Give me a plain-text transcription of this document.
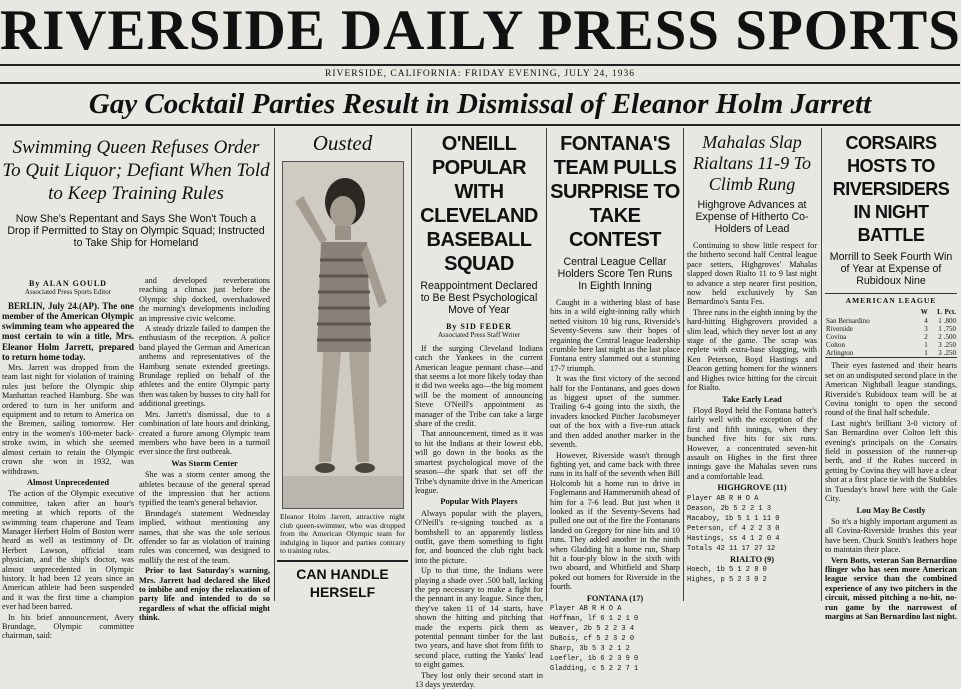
RIVERSIDE DAILY PRESS SPORTS
RIVERSIDE, CALIFORNIA: FRIDAY EVENING, JULY 24, 1936
Gay Cocktail Parties Result in Dismissal of Eleanor Holm Jarrett
Swimming Queen Refuses Order To Quit Liquor; Defiant When Told to Keep Training Rules
Now She's Repentant and Says She Won't Touch a Drop if Permitted to Stay on Olympic Squad; Instructed to Take Ship for Homeland
By ALAN GOULD
Associated Press Sports Editor

BERLIN, July 24.(AP). The one member of the American Olympic swimming team who appeared the most certain to win a title, Mrs. Eleanor Holm Jarrett, prepared to return home today.

Mrs. Jarrett was dropped from the team last night for violation of training rules just before the Olympic ship Manhattan reached Hamburg. She was ordered to turn in her uniform and equipment and to return to America on the Bremen, sailing tomorrow. Her entry in the women's 100-meter back-stroke swim, in which she seemed almost certain to retain the Olympic crown she won in 1932, was withdrawn.

Almost Unprecedented

The action of the Olympic executive committee, taken after an hour's meeting at which reports of the swimming team chaperone and Team Manager Herbert Holm of Boston were heard as well as testimony of Dr. Herbert Lawson, official team physician, and the ship's doctor, was almost unprecedented in Olympic history. It had been 12 years since an American athlete had been suspended and it was the first time a champion ever had been barred.

In his brief announcement, Avery Brundage, Olympic committee chairman, said:

and developed reverberations reaching a climax just before the Olympic ship docked, overshadowed the morning's developments including an impressive civic welcome.

A steady drizzle failed to dampen the enthusiasm of the reception. A police band played the German and American anthems and representatives of the Hamburg senate extended greetings. Brundage replied on behalf of the athletes and the entire Olympic party then was taken by busses to city hall for additional greetings.

Mrs. Jarrett's dismissal, due to a combination of late hours and drinking, created a furore among Olympic team members who have been in a turmoil ever since the first outbreak.

Was Storm Center

She was a storm center among the athletes because of the general spread of the impression that her actions typified the team's general behavior.

Brundage's statement Wednesday implied, without mentioning any names, that she was the sole serious offender so far as violation of training rules was concerned, was designed to mollify the rest of the team.

Prior to last Saturday's warning, Mrs. Jarrett had declared she liked to imbibe and enjoy the relaxation of party life and intended to do so regardless of what the official might think.

Ousted
Eleanor Holm Jarrett, attractive night club queen-swimmer, who was dropped from the American Olympic team for indulging in liquor and parties contrary to training rules.
CAN HANDLE HERSELF
O'NEILL POPULAR WITH CLEVELAND BASEBALL SQUAD
Reappointment Declared to Be Best Psychological Move of Year
By SID FEDER
Associated Press Staff Writer

If the surging Cleveland Indians catch the Yankees in the current American league pennant chase—and that seems a lot more likely today than it did two weeks ago—the big moment will be the moment of announcing Steve O'Neill's appointment as manager of the Tribe can take a large share of the credit.

That announcement, timed as it was to hit the Indians at their lowest ebb, will go down in the books as the smartest psychological move of the season—the spark that set off the Tribe's dynamite drive in the American league.

Popular With Players

Always popular with the players, O'Neill's re-signing touched as a bombshell to an apparently listless outfit, gave them something to fight for, and bounced the club right back into the picture.

Up to that time, the Indians were playing a shade over .500 ball, lacking the pep necessary to make a fight for the pennant in any league. Since then, they've taken 11 of 14 starts, have shown the hitting and pitching that made the experts pick them as potential pennant timber for the last two years, and have shot from fifth to second place, cutting the Yanks' lead to eight games.

They lost only their second start in 13 days yesterday.

FONTANA'S TEAM PULLS SURPRISE TO TAKE CONTEST
Central League Cellar Holders Score Ten Runs In Eighth Inning

Caught in a withering blast of base hits in a wild eight-inning rally which netted visitors 10 big runs, Riverside's Seventy-Sevens saw their hopes of regaining the Central league leadership crumble here last night as the last place Fontana entry slammed out a stunning 17-7 triumph.

It was the first victory of the second half for the Fontanans, and goes down as biggest upset of the summer. Trailing 6-4 going into the sixth, the invaders knocked Pitcher Jacobsmeyer out of the box with a five-run attack and then added another marker in the seventh.

However, Riverside wasn't through fighting yet, and came back with three runs in its half of the seventh when Bill Holcomb hit a home run to drive in Foglemann and Hammersmith ahead of him for a 7-6 lead. But just when it looked as if the Seventy-Sevens had pulled one out of the fire the Fontanans landed on Gregory for nine hits and 10 runs. They added another in the ninth when Gladding hit a home run, Sharp hit a four-ply blow in the sixth with two aboard, and Whitfield and Sharp poked out homers for Riverside in the fourth.

FONTANA (17)
Player AB R H O A
Hoffman, lf 6 1 2 1 0
Weaver, 2b 5 2 2 3 4
DuBois, cf 5 2 3 2 0
Sharp, 3b 5 3 2 1 2
Loefler, 1b 6 2 3 9 0
Gladding, c 5 2 2 7 1
Mahalas Slap Rialtans 11-9 To Climb Rung
Highgrove Advances at Expense of Hitherto Co-Holders of Lead

Continuing to show little respect for the hitherto second half Central league pace setters, Highgroves' Mahalas slapped down Rialto 11 to 9 last night to advance a step nearer first position, now held exclusively by San Bernardino's Santa Fes.

Three runs in the eighth inning by the hard-hitting Highgrovers provided a slim lead, which they never lost at any stage of the game. The scrap was replete with extra-base slugging, with Ken Peterson, Boyd Hastings and Deacon getting homers for the winners and Highes twice hitting for the circuit for Rialto.

Take Early Lead

Floyd Boyd held the Fontana batter's fairly well with the exception of the first and fifth innings, when they bunched five hits for six runs. However, a concentrated seven-hit assault on Highes in the first three innings gave the Mahalas seven runs and a comfortable lead.

HIGHGROVE (11)
Player AB R H O A
Deason, 2b 5 2 2 1 3
Macaboy, 1b 5 1 1 11 0
Peterson, cf 4 2 2 3 0
Hastings, ss 4 1 2 0 4
Totals 42 11 17 27 12
RIALTO (9)
Hoech, 1b 5 1 2 8 0
Highes, p 5 2 3 0 2
CORSAIRS HOSTS TO RIVERSIDERS IN NIGHT BATTLE
Morrill to Seek Fourth Win of Year at Expense of Rubidoux Nine
AMERICAN LEAGUE
	W	L	Pct.
San Bernardino	4	1	.800
Riverside	3	1	.750
Covina	2	2	.500
Colton	1	3	.250
Arlington	1	3	.250

Their eyes fastened and their hearts set on an undisputed second place in the American Nightball league standings, Riverside's Rubidoux team will be at Covina tonight to open the second round of the final half schedule.

Last night's brilliant 3-0 victory of San Bernardino over Colton left this evening's principals on the Corsairs field in possession of the runner-up berth, and if the Rubes succeed in getting by Covina they will have a clear shot at a first place tie with the Stubbles in Tuesday's brawl here with the Gale City.

Lou May Be Costly

So it's a highly important argument as all Covina-Riverside brushes this year have been. Chuck Smith's leathers hope to maintain their place.

Vern Botts, veteran San Bernardino flinger who has seen more American league service than the combined experience of any two pitchers in the circuit, missed pitching a no-hit, no-run game by the narrowest of margins at San Bernardino last night.
